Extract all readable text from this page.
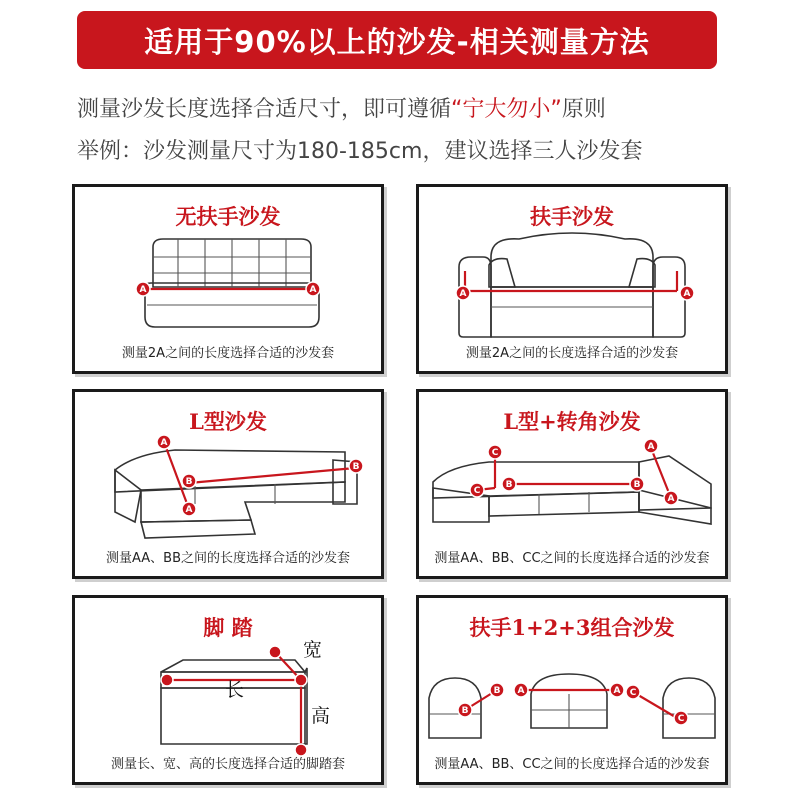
适用于90%以上的沙发-相关测量方法
测量沙发长度选择合适尺寸，即可遵循“宁大勿小”原则
举例：沙发测量尺寸为180-185cm，建议选择三人沙发套
无扶手沙发
A	A
测量2A之间的长度选择合适的沙发套
扶手沙发
A	A
测量2A之间的长度选择合适的沙发套
L型沙发
A
A
B
B
测量AA、BB之间的长度选择合适的沙发套
L型+转角沙发
C
C
B	B
A
A
测量AA、BB、CC之间的长度选择合适的沙发套
脚 踏
宽
长
高
测量长、宽、高的长度选择合适的脚踏套
扶手1+2+3组合沙发
B
B A	A C
C
测量AA、BB、CC之间的长度选择合适的沙发套
